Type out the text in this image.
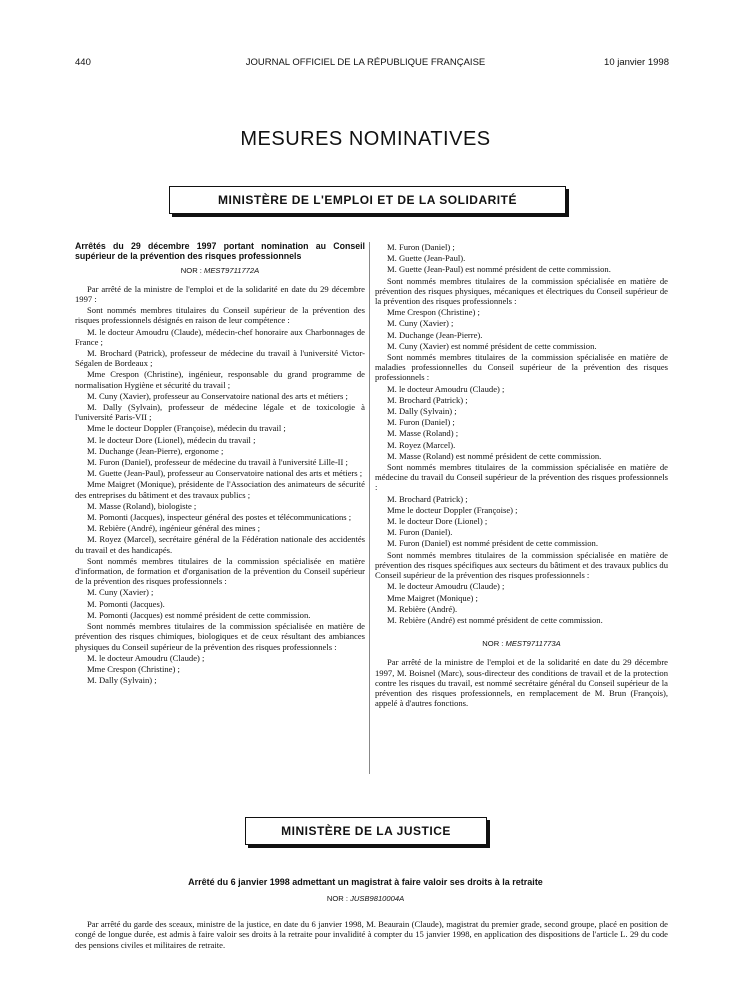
440	JOURNAL OFFICIEL DE LA RÉPUBLIQUE FRANÇAISE	10 janvier 1998
MESURES NOMINATIVES
MINISTÈRE DE L'EMPLOI ET DE LA SOLIDARITÉ

Arrêtés du 29 décembre 1997 portant nomination au Conseil supérieur de la prévention des risques professionnels

NOR : MEST9711772A

Par arrêté de la ministre de l'emploi et de la solidarité en date du 29 décembre 1997 :

Sont nommés membres titulaires du Conseil supérieur de la prévention des risques professionnels désignés en raison de leur compétence :

M. le docteur Amoudru (Claude), médecin-chef honoraire aux Charbonnages de France ;

M. Brochard (Patrick), professeur de médecine du travail à l'université Victor-Ségalen de Bordeaux ;

Mme Crespon (Christine), ingénieur, responsable du grand programme de normalisation Hygiène et sécurité du travail ;

M. Cuny (Xavier), professeur au Conservatoire national des arts et métiers ;

M. Dally (Sylvain), professeur de médecine légale et de toxicologie à l'université Paris-VII ;

Mme le docteur Doppler (Françoise), médecin du travail ;

M. le docteur Dore (Lionel), médecin du travail ;

M. Duchange (Jean-Pierre), ergonome ;

M. Furon (Daniel), professeur de médecine du travail à l'université Lille-II ;

M. Guette (Jean-Paul), professeur au Conservatoire national des arts et métiers ;

Mme Maigret (Monique), présidente de l'Association des animateurs de sécurité des entreprises du bâtiment et des travaux publics ;

M. Masse (Roland), biologiste ;

M. Pomonti (Jacques), inspecteur général des postes et télécommunications ;

M. Rebière (André), ingénieur général des mines ;

M. Royez (Marcel), secrétaire général de la Fédération nationale des accidentés du travail et des handicapés.

Sont nommés membres titulaires de la commission spécialisée en matière d'information, de formation et d'organisation de la prévention du Conseil supérieur de la prévention des risques professionnels :

M. Cuny (Xavier) ;

M. Pomonti (Jacques).

M. Pomonti (Jacques) est nommé président de cette commission.

Sont nommés membres titulaires de la commission spécialisée en matière de prévention des risques chimiques, biologiques et de ceux résultant des ambiances physiques du Conseil supérieur de la prévention des risques professionnels :

M. le docteur Amoudru (Claude) ;

Mme Crespon (Christine) ;

M. Dally (Sylvain) ;

M. Furon (Daniel) ;

M. Guette (Jean-Paul).

M. Guette (Jean-Paul) est nommé président de cette commission.

Sont nommés membres titulaires de la commission spécialisée en matière de prévention des risques physiques, mécaniques et électriques du Conseil supérieur de la prévention des risques professionnels :

Mme Crespon (Christine) ;

M. Cuny (Xavier) ;

M. Duchange (Jean-Pierre).

M. Cuny (Xavier) est nommé président de cette commission.

Sont nommés membres titulaires de la commission spécialisée en matière de maladies professionnelles du Conseil supérieur de la prévention des risques professionnels :

M. le docteur Amoudru (Claude) ;

M. Brochard (Patrick) ;

M. Dally (Sylvain) ;

M. Furon (Daniel) ;

M. Masse (Roland) ;

M. Royez (Marcel).

M. Masse (Roland) est nommé président de cette commission.

Sont nommés membres titulaires de la commission spécialisée en matière de médecine du travail du Conseil supérieur de la prévention des risques professionnels :

M. Brochard (Patrick) ;

Mme le docteur Doppler (Françoise) ;

M. le docteur Dore (Lionel) ;

M. Furon (Daniel).

M. Furon (Daniel) est nommé président de cette commission.

Sont nommés membres titulaires de la commission spécialisée en matière de prévention des risques spécifiques aux secteurs du bâtiment et des travaux publics du Conseil supérieur de la prévention des risques professionnels :

M. le docteur Amoudru (Claude) ;

Mme Maigret (Monique) ;

M. Rebière (André).

M. Rebière (André) est nommé président de cette commission.

NOR : MEST9711773A

Par arrêté de la ministre de l'emploi et de la solidarité en date du 29 décembre 1997, M. Boisnel (Marc), sous-directeur des conditions de travail et de la protection contre les risques du travail, est nommé secrétaire général du Conseil supérieur de la prévention des risques professionnels, en remplacement de M. Brun (François), appelé à d'autres fonctions.

MINISTÈRE DE LA JUSTICE
Arrêté du 6 janvier 1998 admettant un magistrat à faire valoir ses droits à la retraite
NOR : JUSB9810004A

Par arrêté du garde des sceaux, ministre de la justice, en date du 6 janvier 1998, M. Beaurain (Claude), magistrat du premier grade, second groupe, placé en position de congé de longue durée, est admis à faire valoir ses droits à la retraite pour invalidité à compter du 15 janvier 1998, en application des dispositions de l'article L. 29 du code des pensions civiles et militaires de retraite.
